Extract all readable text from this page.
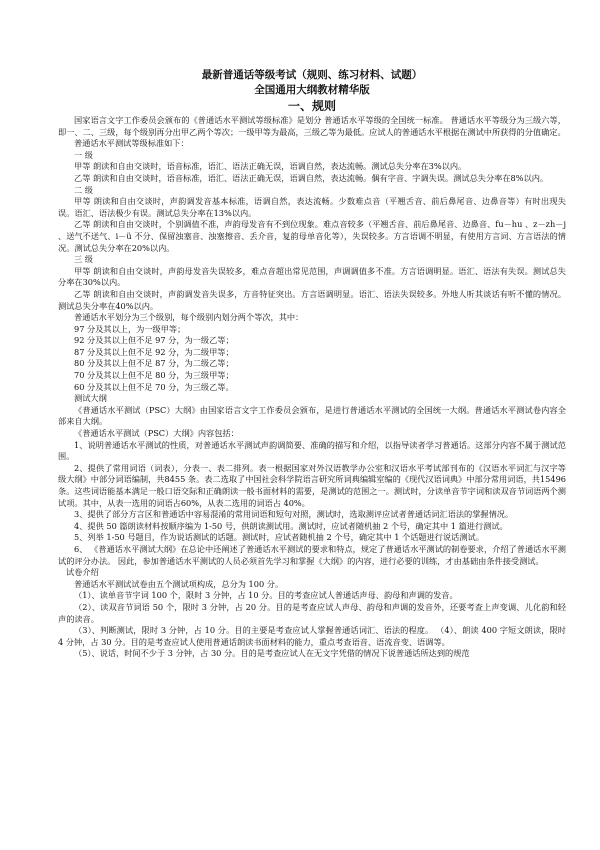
最新普通话等级考试（规则、练习材料、试题）
全国通用大纲教材精华版
一、规则

国家语言文字工作委员会颁布的《普通话水平测试等级标准》是划分 普通话水平等级的全国统一标准。 普通话水平等级分为三级六等，即一、二、三级，每个级别再分出甲乙两个等次；一级甲等为最高，三级乙等为最低。应试人的普通话水平根据在测试中所获得的分值确定。

普通话水平测试等级标准如下：

一 级

甲等 朗读和自由交谈时，语音标准，语汇、语法正确无误，语调自然，表达流畅。测试总失分率在3%以内。

乙等 朗读和自由交谈时，语音标准，语汇、语法正确无误，语调自然，表达流畅。偶有字音、字调失误。测试总失分率在8%以内。

二 级

甲等 朗读和自由交谈时，声韵调发音基本标准，语调自然，表达流畅。少数难点音（平翘舌音、前后鼻尾音、边鼻音等）有时出现失误。语汇、语法极少有误。测试总失分率在13%以内。

乙等 朗读和自由交谈时，个别调值不准，声韵母发音有不到位现象。难点音较多（平翘舌音、前后鼻尾音、边鼻音、fu－hu 、z－zh－j 、送气不送气、i－ü 不分、保留浊塞音、浊塞擦音、丢介音，复韵母单音化等），失误较多。方言语调不明显，有使用方言词、方言语法的情况。测试总失分率在20%以内。

三 级

甲等 朗读和自由交谈时，声韵母发音失误较多，难点音超出常见范围，声调调值多不准。方言语调明显。语汇、语法有失误。测试总失分率在30%以内。

乙等 朗读和自由交谈时，声韵调发音失误多，方音特征突出。方言语调明显。语汇、语法失误较多。外地人听其谈话有听不懂的情况。测试总失分率在40%以内。

普通话水平划分为三个级别，每个级别内划分两个等次，其中：

97 分及其以上，为一级甲等；

92 分及其以上但不足 97 分，为一级乙等；

87 分及其以上但不足 92 分，为二级甲等；

80 分及其以上但不足 87 分，为二级乙等；

70 分及其以上但不足 80 分，为三级甲等；

60 分及其以上但不足 70 分，为三级乙等。

测试大纲

《普通话水平测试（PSC）大纲》由国家语言文字工作委员会颁布，是进行普通话水平测试的全国统一大纲。普通话水平测试卷内容全部来自大纲。

《普通话水平测试（PSC）大纲》内容包括：

1、说明普通话水平测试的性质，对普通话水平测试声韵调简要、准确的描写和介绍，以指导读者学习普通话。这部分内容不属于测试范围。

2、提供了常用词语（词表），分表一、表二排列。表一根据国家对外汉语教学办公室和汉语水平考试部刊布的《汉语水平词汇与汉字等级大纲》中部分词语编制，共8455 条。表二选取了中国社会科学院语言研究所词典编辑室编的《现代汉语词典》中部分常用词语，共15496 条。这些词语能基本满足一般口语交际和正确朗读一般书面材料的需要，是测试的范围之一。测试时，分读单音节字词和读双音节词语两个测试项。其中，从表一选用的词语占60%，从表二选用的词语占 40%。

3、提供了部分方言区和普通话中容易混淆的常用词语和短句对照，测试时，选取测评应试者普通话词汇语法的掌握情况。

4、提供 50 篇朗读材料按顺序编为 1-50 号，供朗读测试用。测试时，应试者随机抽 2 个号，确定其中 1 篇进行测试。

5、列举 1-50 号题目，作为说话测试的话题。测试时，应试者随机抽 2 个号，确定其中 1 个话题进行说话测试。

6、 《普通话水平测试大纲》在总论中还阐述了普通话水平测试的要求和特点，规定了普通话水平测试的制卷要求，介绍了普通话水平测试的评分办法。 因此，参加普通话水平测试的人员必须首先学习和掌握《大纲》的内容，进行必要的训练，才由基础由条件接受测试。

试卷介绍

普通话水平测试试卷由五个测试项构成，总分为 100 分。

（1）、读单音节字词 100 个，限时 3 分钟，占 10 分。目的考查应试人普通话声母、韵母和声调的发音。

（2）、读双音节词语 50 个，限时 3 分钟，占 20 分。目的是考查应试人声母、韵母和声调的发音外，还要考查上声变调、儿化韵和轻声的读音。

（3）、判断测试，限时 3 分钟，占 10 分。目的主要是考查应试人掌握普通话词汇、语法的程度。 （4）、朗读 400 字短文朗读，限时 4 分钟，占 30 分。目的是考查应试人使用普通话朗读书面材料的能力，重点考查语音、语流音变、语调等。

（5）、说话，时间不少于 3 分钟，占 30 分。目的是考查应试人在无文字凭借的情况下说普通话所达到的规范
